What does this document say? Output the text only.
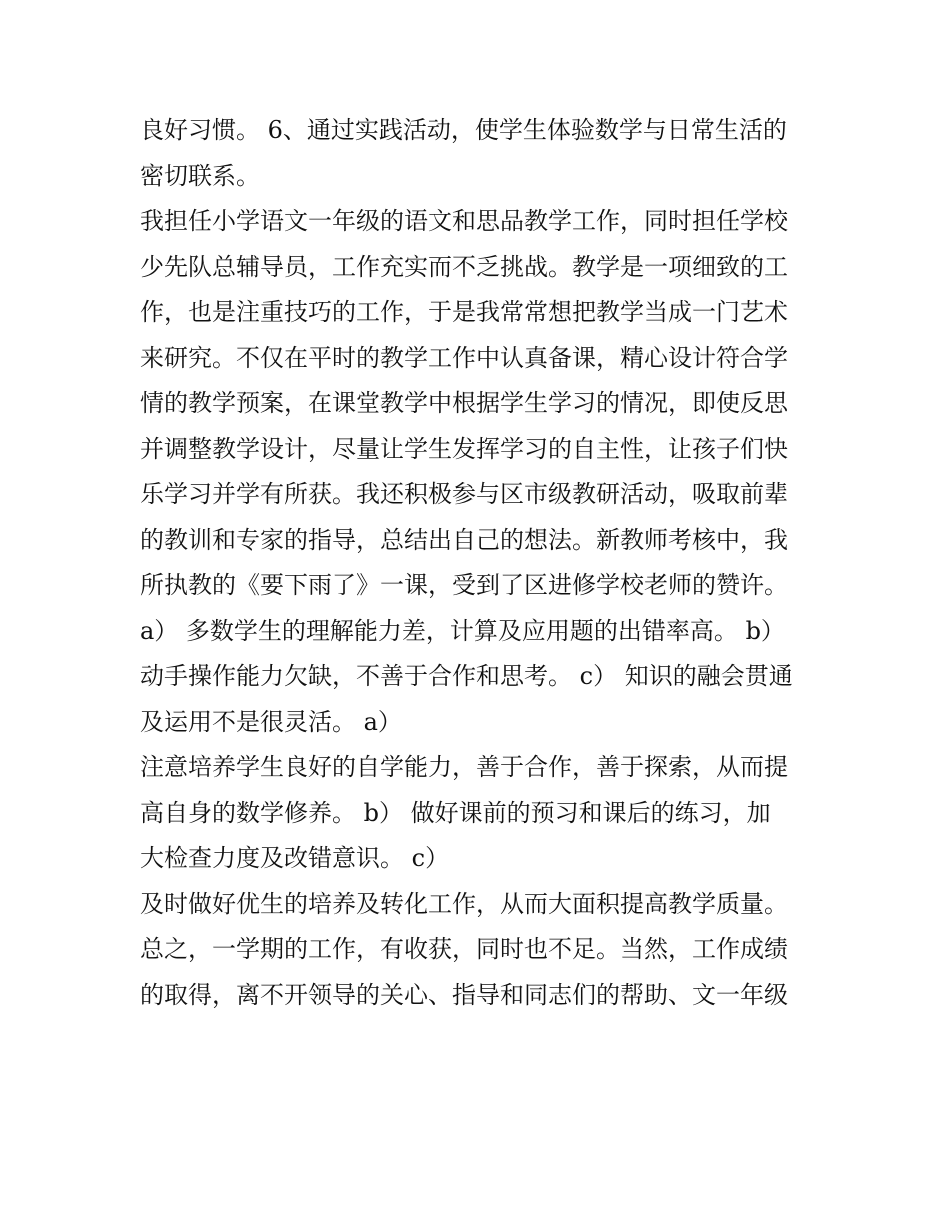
良好习惯。 6、通过实践活动，使学生体验数学与日常生活的
密切联系。
我担任小学语文一年级的语文和思品教学工作，同时担任学校
少先队总辅导员，工作充实而不乏挑战。教学是一项细致的工
作，也是注重技巧的工作，于是我常常想把教学当成一门艺术
来研究。不仅在平时的教学工作中认真备课，精心设计符合学
情的教学预案，在课堂教学中根据学生学习的情况，即使反思
并调整教学设计，尽量让学生发挥学习的自主性，让孩子们快
乐学习并学有所获。我还积极参与区市级教研活动，吸取前辈
的教训和专家的指导，总结出自己的想法。新教师考核中，我
所执教的《要下雨了》一课，受到了区进修学校老师的赞许。
a） 多数学生的理解能力差，计算及应用题的出错率高。 b）
动手操作能力欠缺，不善于合作和思考。 c） 知识的融会贯通
及运用不是很灵活。 a）
注意培养学生良好的自学能力，善于合作，善于探索，从而提
高自身的数学修养。 b） 做好课前的预习和课后的练习，加
大检查力度及改错意识。 c）
及时做好优生的培养及转化工作，从而大面积提高教学质量。
总之，一学期的工作，有收获，同时也不足。当然，工作成绩
的取得，离不开领导的关心、指导和同志们的帮助、文一年级
